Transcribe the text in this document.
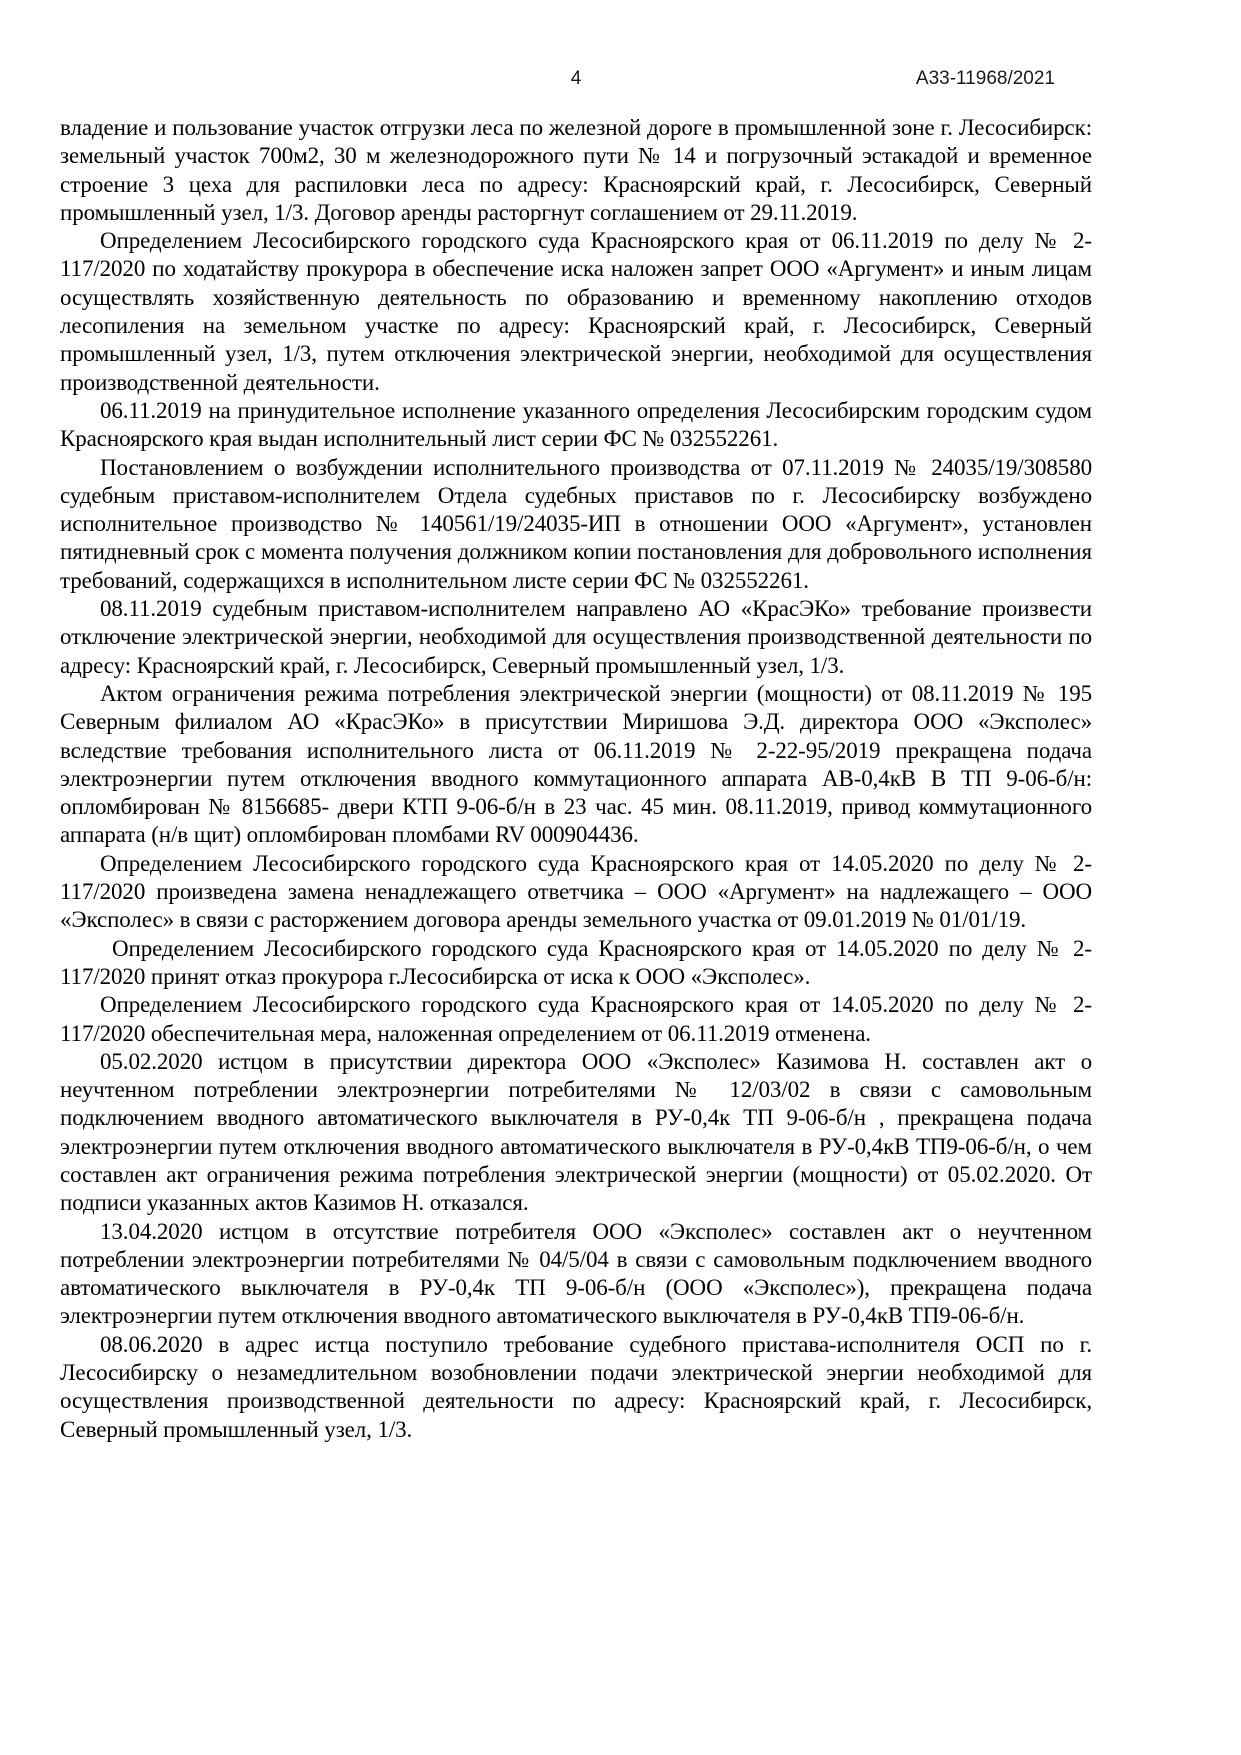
4	А33-11968/2021

владение и пользование участок отгрузки леса по железной дороге в промышленной зоне г. Лесосибирск: земельный участок 700м2, 30 м железнодорожного пути № 14 и погрузочный эстакадой и временное строение 3 цеха для распиловки леса по адресу: Красноярский край, г. Лесосибирск, Северный промышленный узел, 1/3. Договор аренды расторгнут соглашением от 29.11.2019.

Определением Лесосибирского городского суда Красноярского края от 06.11.2019 по делу № 2-117/2020 по ходатайству прокурора в обеспечение иска наложен запрет ООО «Аргумент» и иным лицам осуществлять хозяйственную деятельность по образованию и временному накоплению отходов лесопиления на земельном участке по адресу: Красноярский край, г. Лесосибирск, Северный промышленный узел, 1/3, путем отключения электрической энергии, необходимой для осуществления производственной деятельности.

06.11.2019 на принудительное исполнение указанного определения Лесосибирским городским судом Красноярского края выдан исполнительный лист серии ФС № 032552261.

Постановлением о возбуждении исполнительного производства от 07.11.2019 № 24035/19/308580 судебным приставом-исполнителем Отдела судебных приставов по г. Лесосибирску возбуждено исполнительное производство № 140561/19/24035-ИП в отношении ООО «Аргумент», установлен пятидневный срок с момента получения должником копии постановления для добровольного исполнения требований, содержащихся в исполнительном листе серии ФС № 032552261.

08.11.2019 судебным приставом-исполнителем направлено АО «КрасЭКо» требование произвести отключение электрической энергии, необходимой для осуществления производственной деятельности по адресу: Красноярский край, г. Лесосибирск, Северный промышленный узел, 1/3.

Актом ограничения режима потребления электрической энергии (мощности) от 08.11.2019 № 195 Северным филиалом АО «КрасЭКо» в присутствии Миришова Э.Д. директора ООО «Эксполес» вследствие требования исполнительного листа от 06.11.2019 № 2-22-95/2019 прекращена подача электроэнергии путем отключения вводного коммутационного аппарата АВ-0,4кВ В ТП 9-06-б/н: опломбирован № 8156685- двери КТП 9-06-б/н в 23 час. 45 мин. 08.11.2019, привод коммутационного аппарата (н/в щит) опломбирован пломбами RV 000904436.

Определением Лесосибирского городского суда Красноярского края от 14.05.2020 по делу № 2-117/2020 произведена замена ненадлежащего ответчика – ООО «Аргумент» на надлежащего – ООО «Эксполес» в связи с расторжением договора аренды земельного участка от 09.01.2019 № 01/01/19.

Определением Лесосибирского городского суда Красноярского края от 14.05.2020 по делу № 2-117/2020 принят отказ прокурора г.Лесосибирска от иска к ООО «Эксполес».

Определением Лесосибирского городского суда Красноярского края от 14.05.2020 по делу № 2-117/2020 обеспечительная мера, наложенная определением от 06.11.2019 отменена.

05.02.2020 истцом в присутствии директора ООО «Эксполес» Казимова Н. составлен акт о неучтенном потреблении электроэнергии потребителями № 12/03/02 в связи с самовольным подключением вводного автоматического выключателя в РУ-0,4к ТП 9-06-б/н , прекращена подача электроэнергии путем отключения вводного автоматического выключателя в РУ-0,4кВ ТП9-06-б/н, о чем составлен акт ограничения режима потребления электрической энергии (мощности) от 05.02.2020. От подписи указанных актов Казимов Н. отказался.

13.04.2020 истцом в отсутствие потребителя ООО «Эксполес» составлен акт о неучтенном потреблении электроэнергии потребителями № 04/5/04 в связи с самовольным подключением вводного автоматического выключателя в РУ-0,4к ТП 9-06-б/н (ООО «Эксполес»), прекращена подача электроэнергии путем отключения вводного автоматического выключателя в РУ-0,4кВ ТП9-06-б/н.

08.06.2020 в адрес истца поступило требование судебного пристава-исполнителя ОСП по г. Лесосибирску о незамедлительном возобновлении подачи электрической энергии необходимой для осуществления производственной деятельности по адресу: Красноярский край, г. Лесосибирск, Северный промышленный узел, 1/3.
